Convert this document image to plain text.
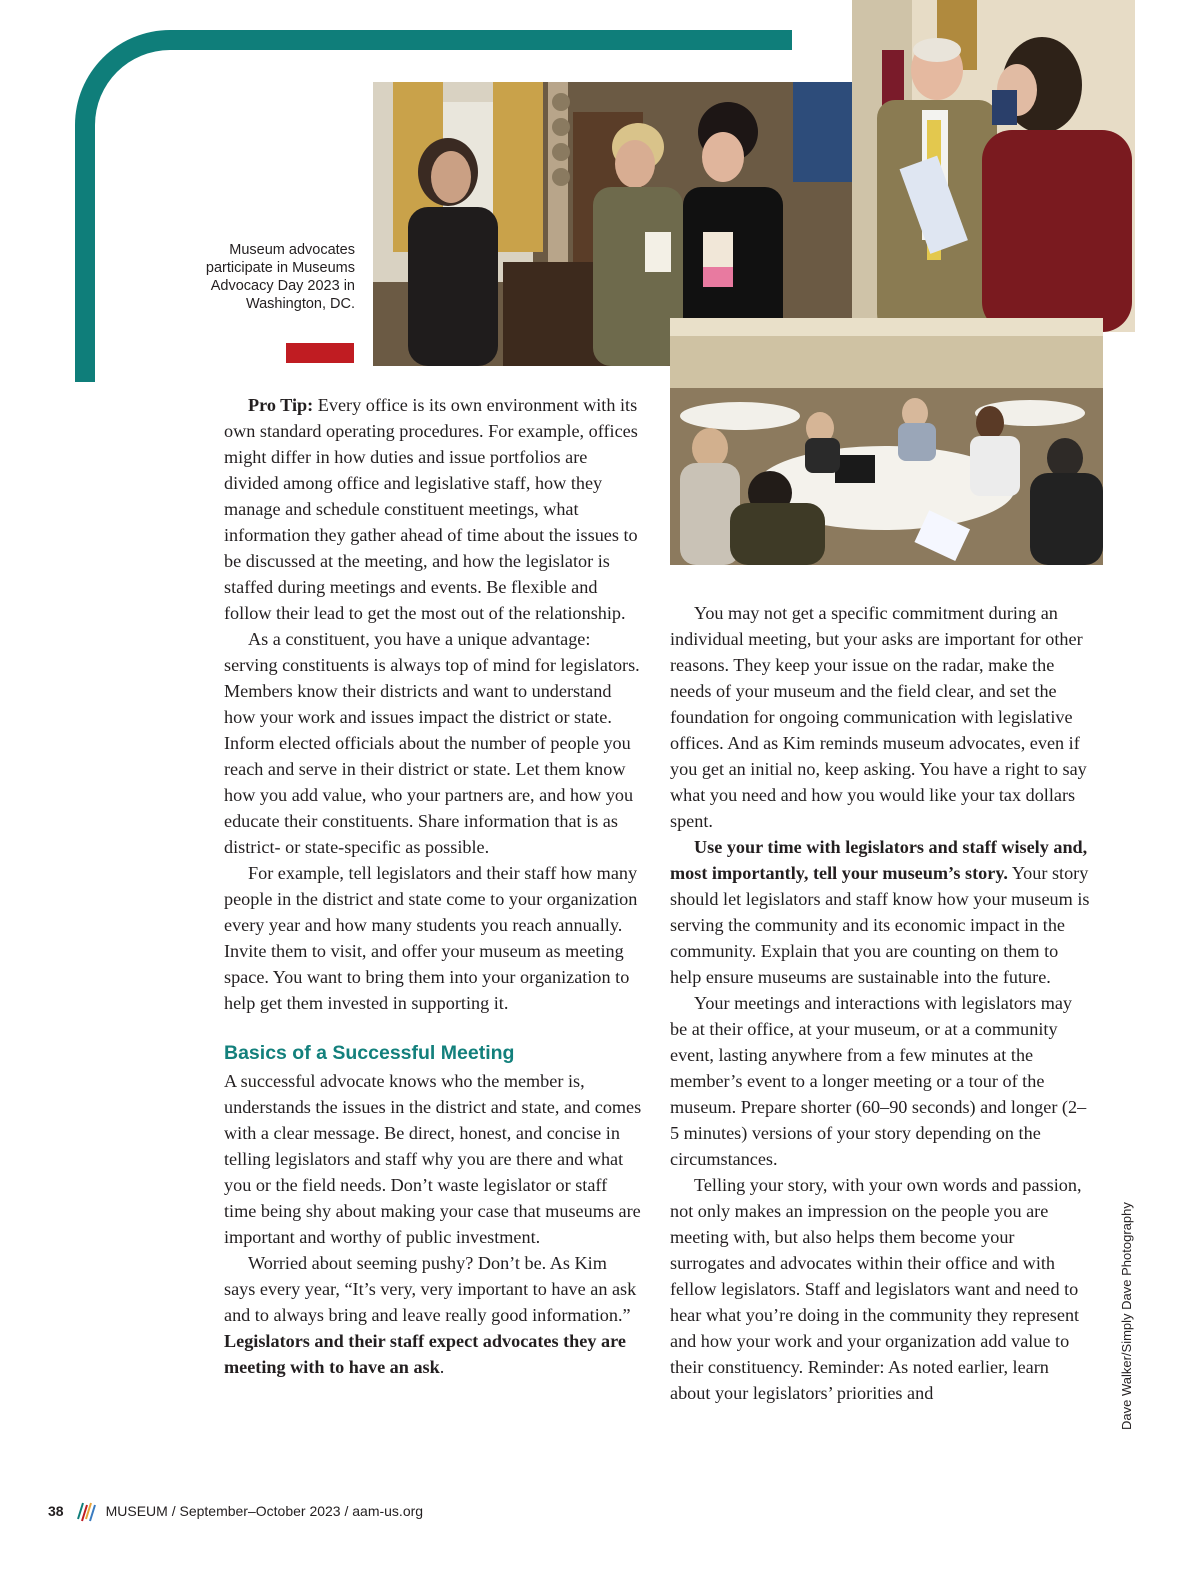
Museum advocates participate in Museums Advocacy Day 2023 in Washington, DC.

Pro Tip: Every office is its own environment with its own standard operating procedures. For example, offices might differ in how duties and issue portfolios are divided among office and legislative staff, how they manage and schedule constituent meetings, what information they gather ahead of time about the issues to be discussed at the meeting, and how the legislator is staffed during meetings and events. Be flexible and follow their lead to get the most out of the relationship.

As a constituent, you have a unique advantage: serving constituents is always top of mind for legislators. Members know their districts and want to understand how your work and issues impact the district or state. Inform elected officials about the number of people you reach and serve in their district or state. Let them know how you add value, who your partners are, and how you educate their constituents. Share information that is as district- or state-specific as possible.

For example, tell legislators and their staff how many people in the district and state come to your organization every year and how many students you reach annually. Invite them to visit, and offer your museum as meeting space. You want to bring them into your organization to help get them invested in supporting it.

Basics of a Successful Meeting

A successful advocate knows who the member is, understands the issues in the district and state, and comes with a clear message. Be direct, honest, and concise in telling legislators and staff why you are there and what you or the field needs. Don’t waste legislator or staff time being shy about making your case that museums are important and worthy of public investment.

Worried about seeming pushy? Don’t be. As Kim says every year, “It’s very, very important to have an ask and to always bring and leave really good information.” Legislators and their staff expect advocates they are meeting with to have an ask.

You may not get a specific commitment during an individual meeting, but your asks are important for other reasons. They keep your issue on the radar, make the needs of your museum and the field clear, and set the foundation for ongoing communication with legislative offices. And as Kim reminds museum advocates, even if you get an initial no, keep asking. You have a right to say what you need and how you would like your tax dollars spent.

Use your time with legislators and staff wisely and, most importantly, tell your museum’s story. Your story should let legislators and staff know how your museum is serving the community and its economic impact in the community. Explain that you are counting on them to help ensure museums are sustainable into the future.

Your meetings and interactions with legislators may be at their office, at your museum, or at a community event, lasting anywhere from a few minutes at the member’s event to a longer meeting or a tour of the museum. Prepare shorter (60–90 seconds) and longer (2–5 minutes) versions of your story depending on the circumstances.

Telling your story, with your own words and passion, not only makes an impression on the people you are meeting with, but also helps them become your surrogates and advocates within their office and with fellow legislators. Staff and legislators want and need to hear what you’re doing in the community they represent and how your work and your organization add value to their constituency. Reminder: As noted earlier, learn about your legislators’ priorities and	Dave Walker/Simply Dave Photography
38	MUSEUM / September–October 2023 / aam-us.org
